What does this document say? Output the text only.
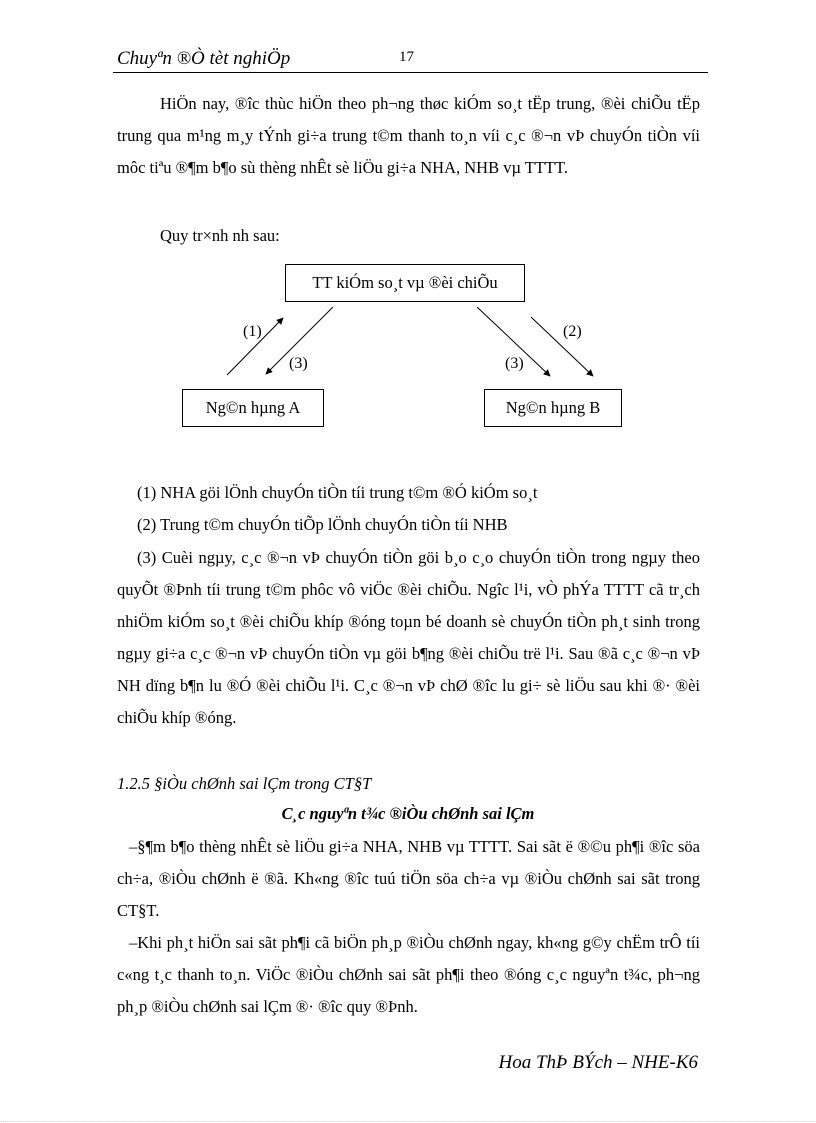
Chuyªn ®Ò tèt nghiÖp	17

HiÖn nay, ®îc thùc hiÖn theo ph¬ng thøc kiÓm so¸t tËp trung, ®èi chiÕu tËp trung qua m¹ng m¸y tÝnh gi÷a trung t©m thanh to¸n víi c¸c ®¬n vÞ chuyÓn tiÒn víi môc tiªu ®¶m b¶o sù thèng nhÊt sè liÖu gi÷a NHA, NHB vµ TTTT.

Quy tr×nh nh sau:
TT kiÓm so¸t vµ ®èi chiÕu
Ng©n hµng A	Ng©n hµng B
(1)
(3)	(3)
(2)
(1) NHA göi lÖnh chuyÓn tiÒn tíi trung t©m ®Ó kiÓm so¸t
(2) Trung t©m chuyÓn tiÕp lÖnh chuyÓn tiÒn tíi NHB

(3) Cuèi ngµy, c¸c ®¬n vÞ chuyÓn tiÒn göi b¸o c¸o chuyÓn tiÒn trong ngµy theo quyÕt ®Þnh tíi trung t©m phôc vô viÖc ®èi chiÕu. Ngîc l¹i, vÒ phÝa TTTT cã tr¸ch nhiÖm kiÓm so¸t ®èi chiÕu khíp ®óng toµn bé doanh sè chuyÓn tiÒn ph¸t sinh trong ngµy gi÷a c¸c ®¬n vÞ chuyÓn tiÒn vµ göi b¶ng ®èi chiÕu trë l¹i. Sau ®ã c¸c ®¬n vÞ NH dïng b¶n lu ®Ó ®èi chiÕu l¹i. C¸c ®¬n vÞ chØ ®îc lu gi÷ sè liÖu sau khi ®· ®èi chiÕu khíp ®óng.

1.2.5 §iÒu chØnh sai lÇm trong CT§T
C¸c nguyªn t¾c ®iÒu chØnh sai lÇm

–§¶m b¶o thèng nhÊt sè liÖu gi÷a NHA, NHB vµ TTTT. Sai sãt ë ®©u ph¶i ®îc söa ch÷a, ®iÒu chØnh ë ®ã. Kh«ng ®îc tuú tiÖn söa ch÷a vµ ®iÒu chØnh sai sãt trong CT§T.

–Khi ph¸t hiÖn sai sãt ph¶i cã biÖn ph¸p ®iÒu chØnh ngay, kh«ng g©y chËm trÔ tíi c«ng t¸c thanh to¸n. ViÖc ®iÒu chØnh sai sãt ph¶i theo ®óng c¸c nguyªn t¾c, ph¬ng ph¸p ®iÒu chØnh sai lÇm ®· ®îc quy ®Þnh.

Hoa ThÞ BÝch – NHE-K6
